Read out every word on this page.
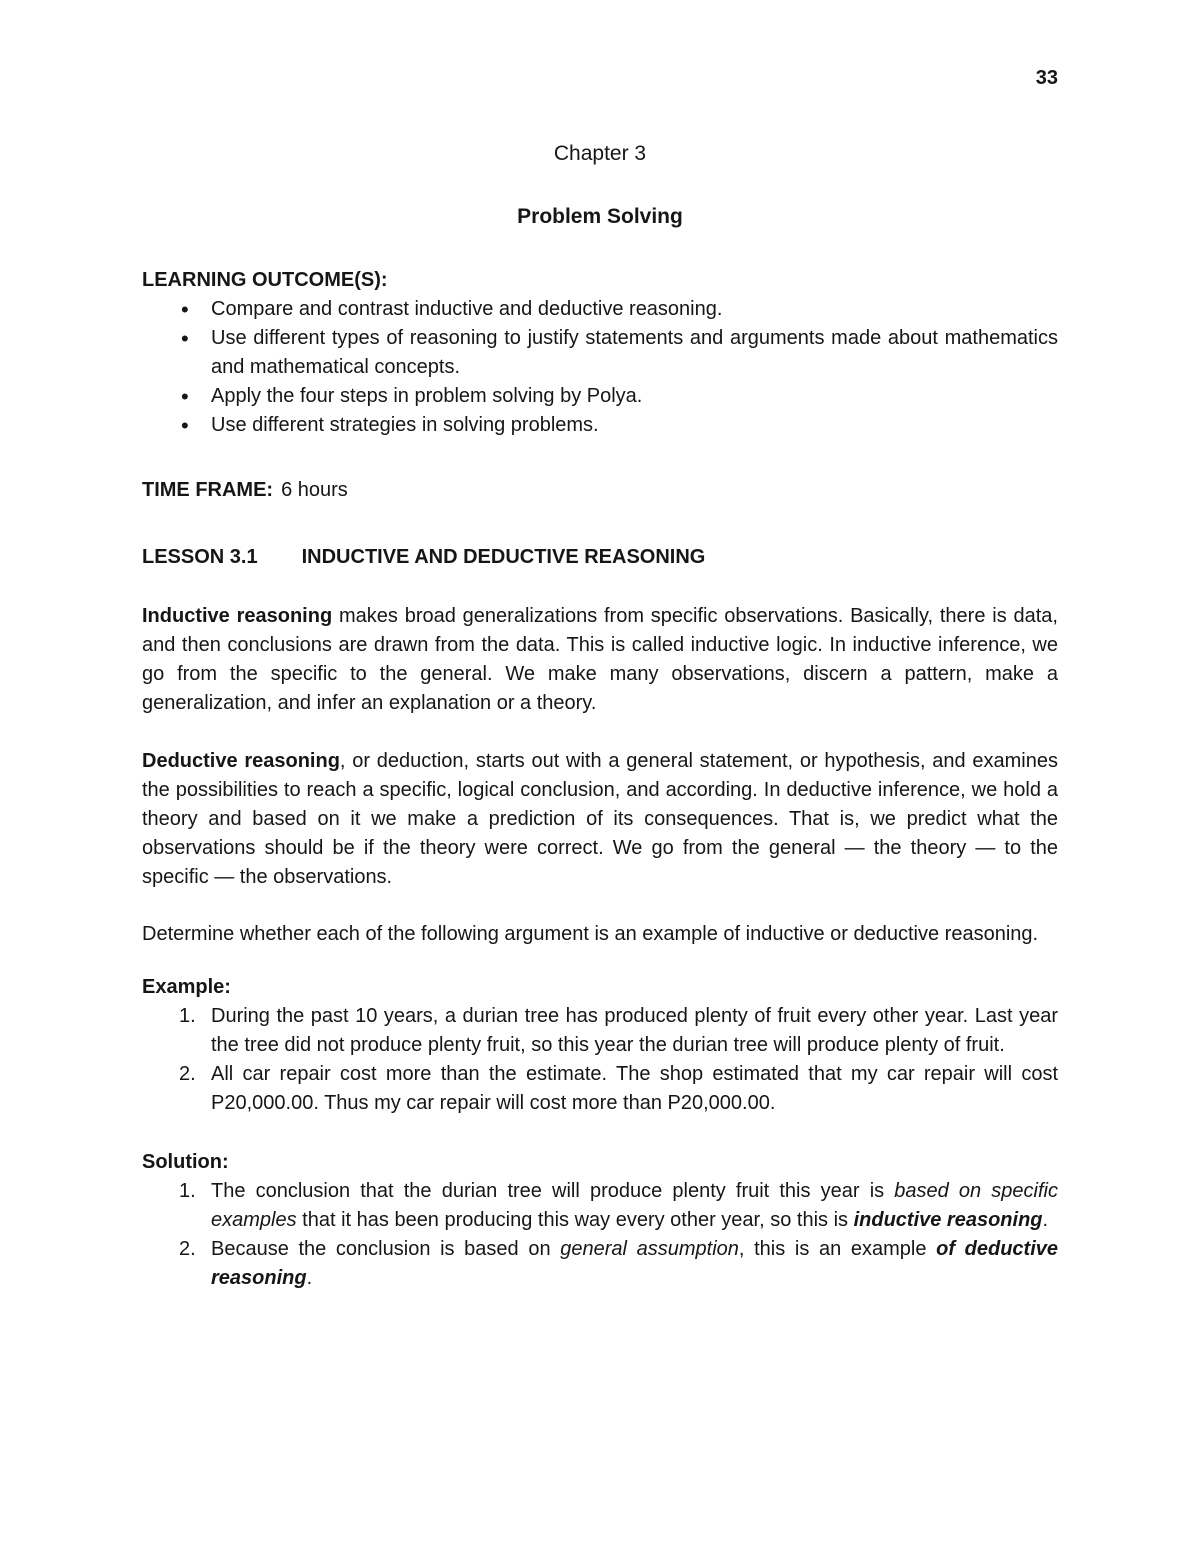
33
Chapter 3
Problem Solving
LEARNING OUTCOME(S):
• Compare and contrast inductive and deductive reasoning.
• Use different types of reasoning to justify statements and arguments made about mathematics and mathematical concepts.
• Apply the four steps in problem solving by Polya.
• Use different strategies in solving problems.
TIME FRAME: 6 hours
LESSON 3.1 INDUCTIVE AND DEDUCTIVE REASONING

Inductive reasoning makes broad generalizations from specific observations. Basically, there is data, and then conclusions are drawn from the data. This is called inductive logic. In inductive inference, we go from the specific to the general. We make many observations, discern a pattern, make a generalization, and infer an explanation or a theory.

Deductive reasoning, or deduction, starts out with a general statement, or hypothesis, and examines the possibilities to reach a specific, logical conclusion, and according. In deductive inference, we hold a theory and based on it we make a prediction of its consequences. That is, we predict what the observations should be if the theory were correct. We go from the general — the theory — to the specific — the observations.

Determine whether each of the following argument is an example of inductive or deductive reasoning.

Example:
1. During the past 10 years, a durian tree has produced plenty of fruit every other year. Last year the tree did not produce plenty fruit, so this year the durian tree will produce plenty of fruit.
2. All car repair cost more than the estimate. The shop estimated that my car repair will cost P20,000.00. Thus my car repair will cost more than P20,000.00.
Solution:
1. The conclusion that the durian tree will produce plenty fruit this year is based on specific examples that it has been producing this way every other year, so this is inductive reasoning.
2. Because the conclusion is based on general assumption, this is an example of deductive reasoning.
